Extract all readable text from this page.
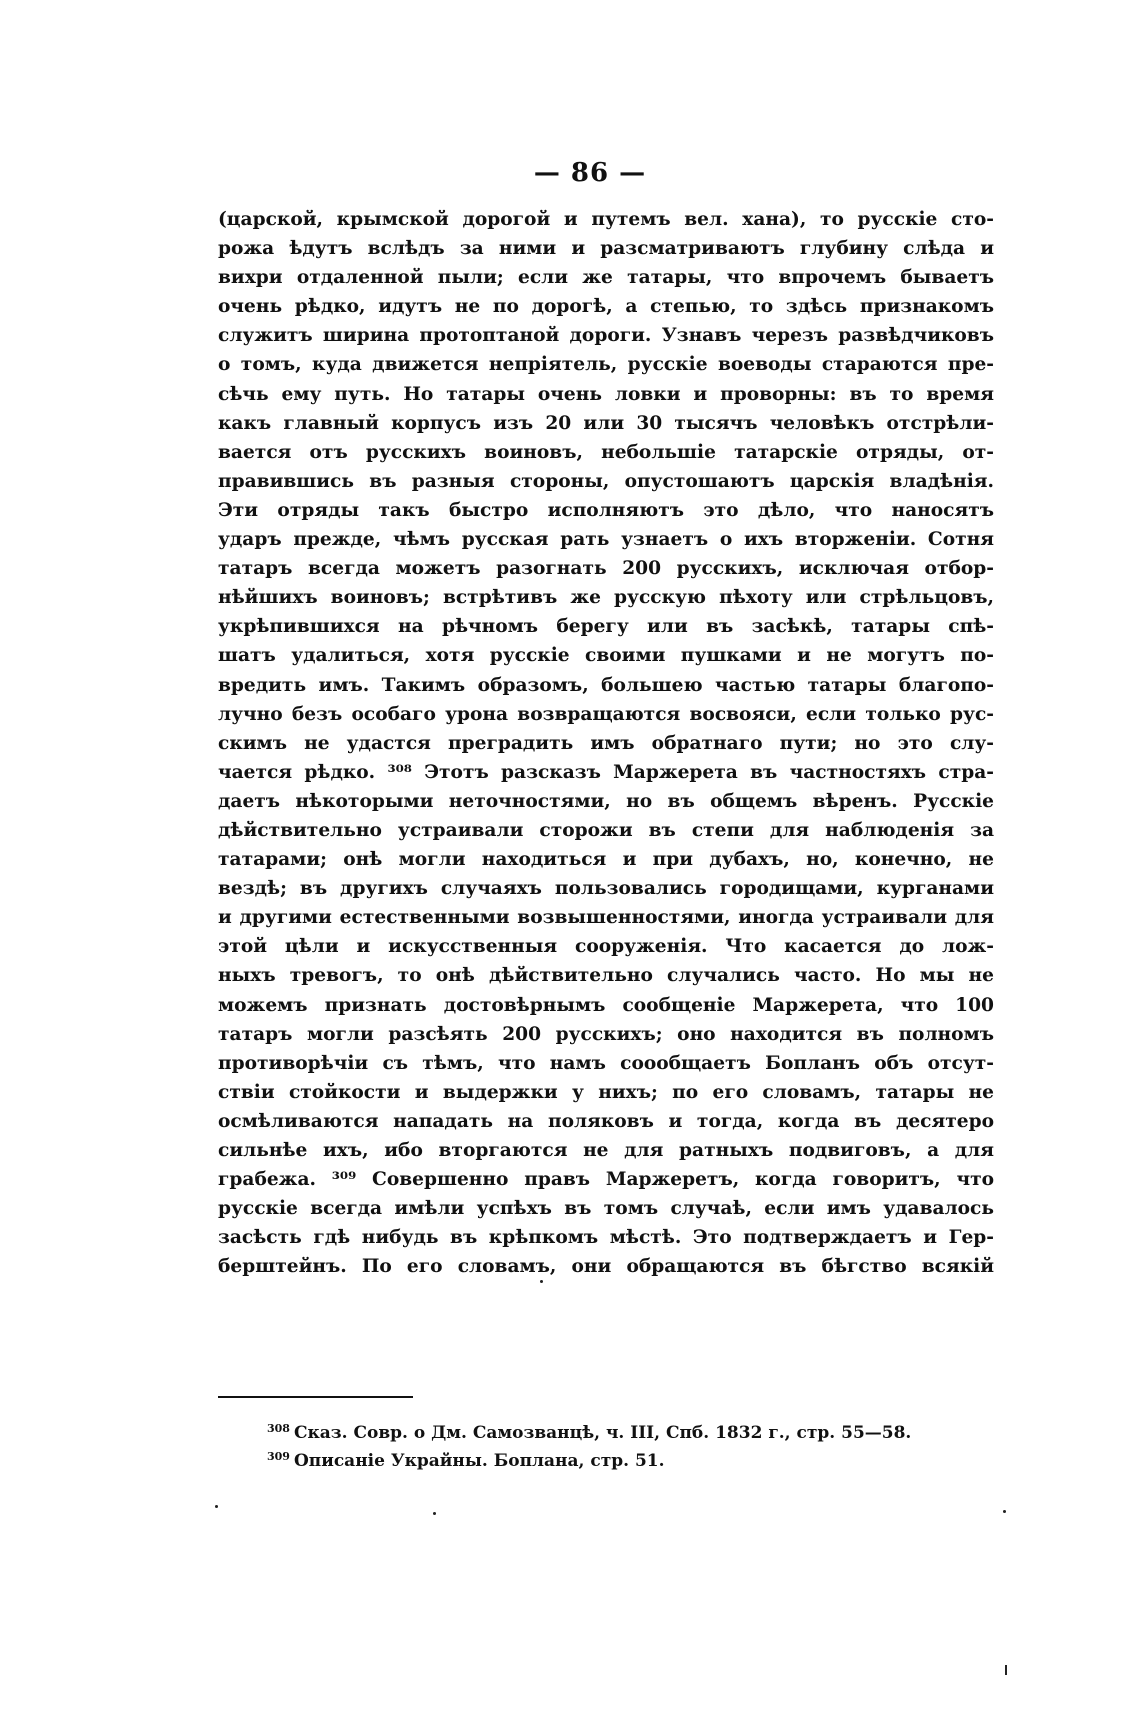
— 86 —
(царской, крымской дорогой и путемъ вел. хана), то русскіе сто-
рожа ѣдутъ вслѣдъ за ними и разсматриваютъ глубину слѣда и
вихри отдаленной пыли; если же татары, что впрочемъ бываетъ
очень рѣдко, идутъ не по дорогѣ, а степью, то здѣсь признакомъ
служитъ ширина протоптаной дороги. Узнавъ черезъ развѣдчиковъ
о томъ, куда движется непріятель, русскіе воеводы стараются пре-
сѣчь ему путь. Но татары очень ловки и проворны: въ то время
какъ главный корпусъ изъ 20 или 30 тысячъ человѣкъ отстрѣли-
вается отъ русскихъ воиновъ, небольшіе татарскіе отряды, от-
правившись въ разныя стороны, опустошаютъ царскія владѣнія.
Эти отряды такъ быстро исполняютъ это дѣло, что наносятъ
ударъ прежде, чѣмъ русская рать узнаетъ о ихъ вторженіи. Сотня
татаръ всегда можетъ разогнать 200 русскихъ, исключая отбор-
нѣйшихъ воиновъ; встрѣтивъ же русскую пѣхоту или стрѣльцовъ,
укрѣпившихся на рѣчномъ берегу или въ засѣкѣ, татары спѣ-
шатъ удалиться, хотя русскіе своими пушками и не могутъ по-
вредить имъ. Такимъ образомъ, большею частью татары благопо-
лучно безъ особаго урона возвращаются восвояси, если только рус-
скимъ не удастся преградить имъ обратнаго пути; но это слу-
чается рѣдко. ³⁰⁸ Этотъ разсказъ Маржерета въ частностяхъ стра-
даетъ нѣкоторыми неточностями, но въ общемъ вѣренъ. Русскіе
дѣйствительно устраивали сторожи въ степи для наблюденія за
татарами; онѣ могли находиться и при дубахъ, но, конечно, не
вездѣ; въ другихъ случаяхъ пользовались городищами, курганами
и другими естественными возвышенностями, иногда устраивали для
этой цѣли и искусственныя сооруженія. Что касается до лож-
ныхъ тревогъ, то онѣ дѣйствительно случались часто. Но мы не
можемъ признать достовѣрнымъ сообщеніе Маржерета, что 100
татаръ могли разсѣять 200 русскихъ; оно находится въ полномъ
противорѣчіи съ тѣмъ, что намъ соообщаетъ Бопланъ объ отсут-
ствіи стойкости и выдержки у нихъ; по его словамъ, татары не
осмѣливаются нападать на поляковъ и тогда, когда въ десятеро
сильнѣе ихъ, ибо вторгаются не для ратныхъ подвиговъ, а для
грабежа. ³⁰⁹ Совершенно правъ Маржеретъ, когда говоритъ, что
русскіе всегда имѣли успѣхъ въ томъ случаѣ, если имъ удавалось
засѣсть гдѣ нибудь въ крѣпкомъ мѣстѣ. Это подтверждаетъ и Гер-
берштейнъ. По его словамъ, они обращаются въ бѣгство всякій
$^{308}$ Сказ. Совр. о Дм. Самозванцѣ, ч. III, Спб. 1832 г., стр. 55—58.
$^{309}$ Описаніе Украйны. Боплана, стр. 51.
